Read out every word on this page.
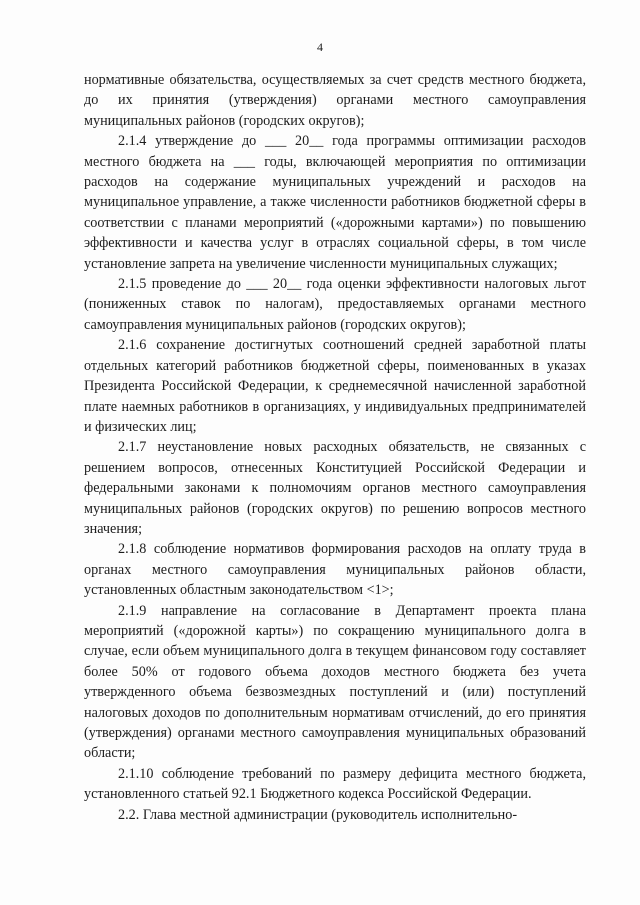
4

нормативные обязательства, осуществляемых за счет средств местного бюджета, до их принятия (утверждения) органами местного самоуправления муниципальных районов (городских округов);

2.1.4 утверждение до ___ 20__ года программы оптимизации расходов местного бюджета на ___ годы, включающей мероприятия по оптимизации расходов на содержание муниципальных учреждений и расходов на муниципальное управление, а также численности работников бюджетной сферы в соответствии с планами мероприятий («дорожными картами») по повышению эффективности и качества услуг в отраслях социальной сферы, в том числе установление запрета на увеличение численности муниципальных служащих;

2.1.5 проведение до ___ 20__ года оценки эффективности налоговых льгот (пониженных ставок по налогам), предоставляемых органами местного самоуправления муниципальных районов (городских округов);

2.1.6 сохранение достигнутых соотношений средней заработной платы отдельных категорий работников бюджетной сферы, поименованных в указах Президента Российской Федерации, к среднемесячной начисленной заработной плате наемных работников в организациях, у индивидуальных предпринимателей и физических лиц;

2.1.7 неустановление новых расходных обязательств, не связанных с решением вопросов, отнесенных Конституцией Российской Федерации и федеральными законами к полномочиям органов местного самоуправления муниципальных районов (городских округов) по решению вопросов местного значения;

2.1.8 соблюдение нормативов формирования расходов на оплату труда в органах местного самоуправления муниципальных районов области, установленных областным законодательством <1>;

2.1.9 направление на согласование в Департамент проекта плана мероприятий («дорожной карты») по сокращению муниципального долга в случае, если объем муниципального долга в текущем финансовом году составляет более 50% от годового объема доходов местного бюджета без учета утвержденного объема безвозмездных поступлений и (или) поступлений налоговых доходов по дополнительным нормативам отчислений, до его принятия (утверждения) органами местного самоуправления муниципальных образований области;

2.1.10 соблюдение требований по размеру дефицита местного бюджета, установленного статьей 92.1 Бюджетного кодекса Российской Федерации.

2.2. Глава местной администрации (руководитель исполнительно-
